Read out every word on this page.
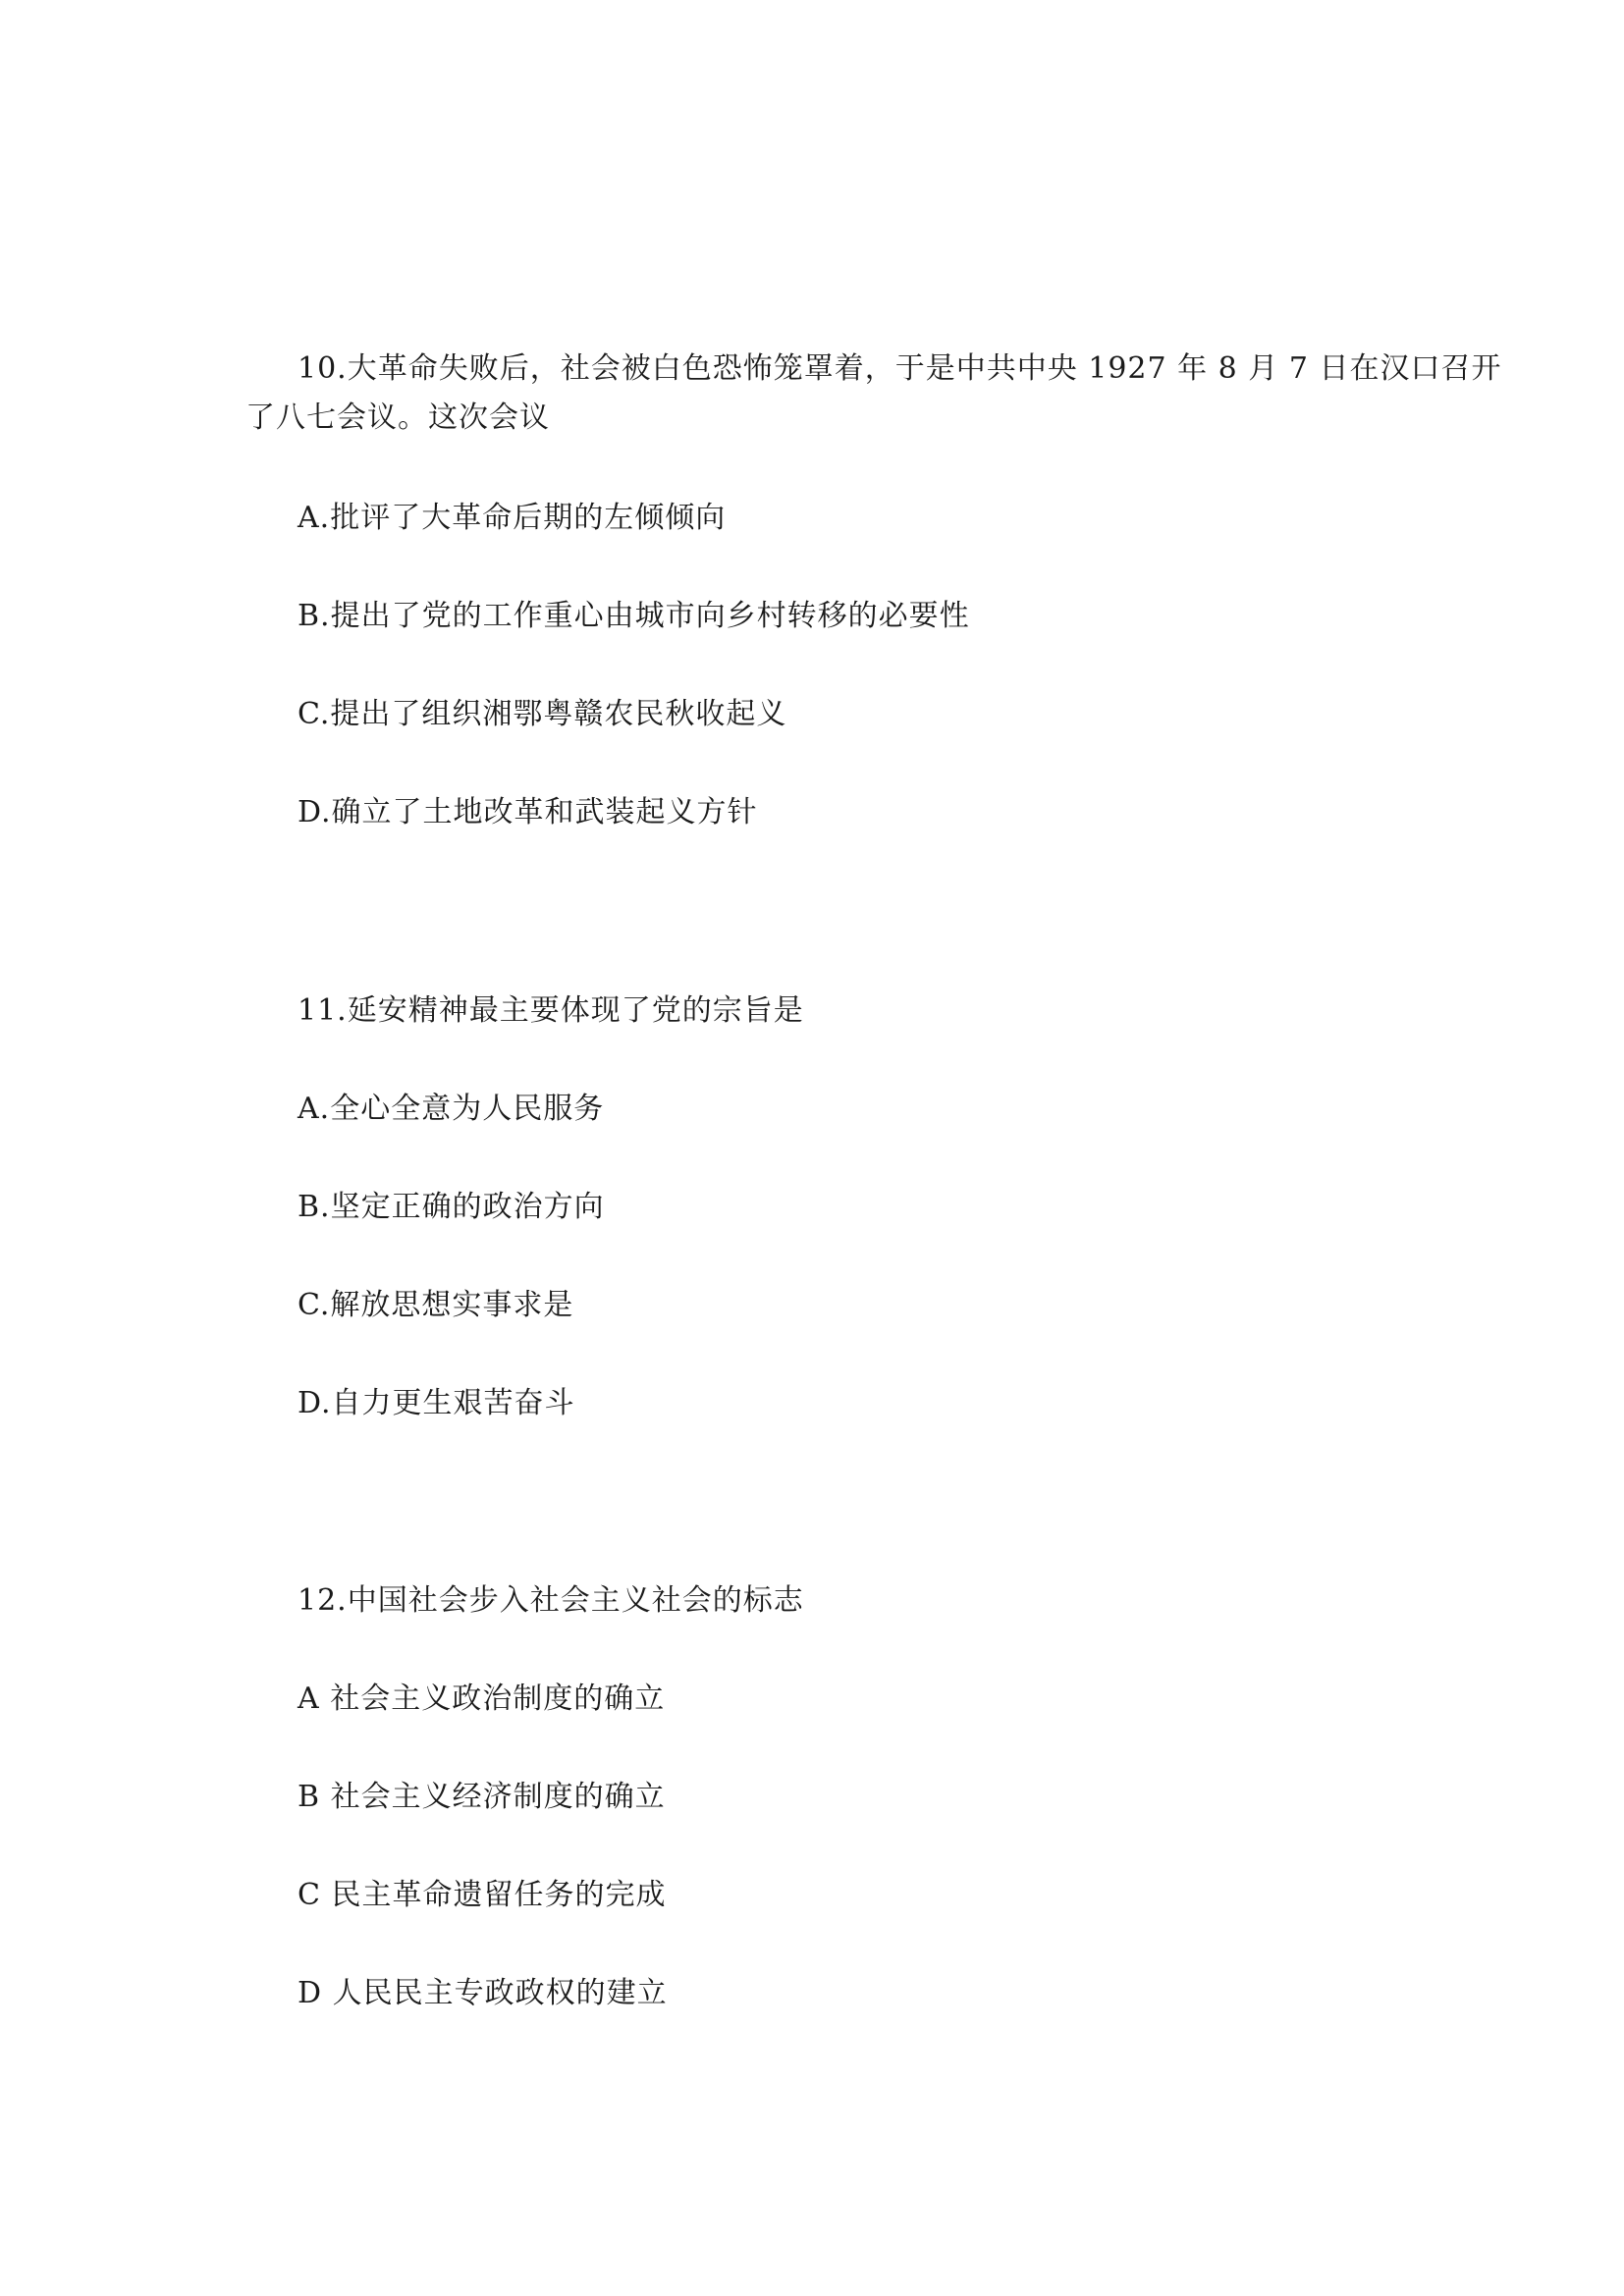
10.大革命失败后，社会被白色恐怖笼罩着，于是中共中央 1927 年 8 月 7 日在汉口召开
了八七会议。这次会议
A.批评了大革命后期的左倾倾向
B.提出了党的工作重心由城市向乡村转移的必要性
C.提出了组织湘鄂粤赣农民秋收起义
D.确立了土地改革和武装起义方针
11.延安精神最主要体现了党的宗旨是
A.全心全意为人民服务
B.坚定正确的政治方向
C.解放思想实事求是
D.自力更生艰苦奋斗
12.中国社会步入社会主义社会的标志
A 社会主义政治制度的确立
B 社会主义经济制度的确立
C 民主革命遗留任务的完成
D 人民民主专政政权的建立
